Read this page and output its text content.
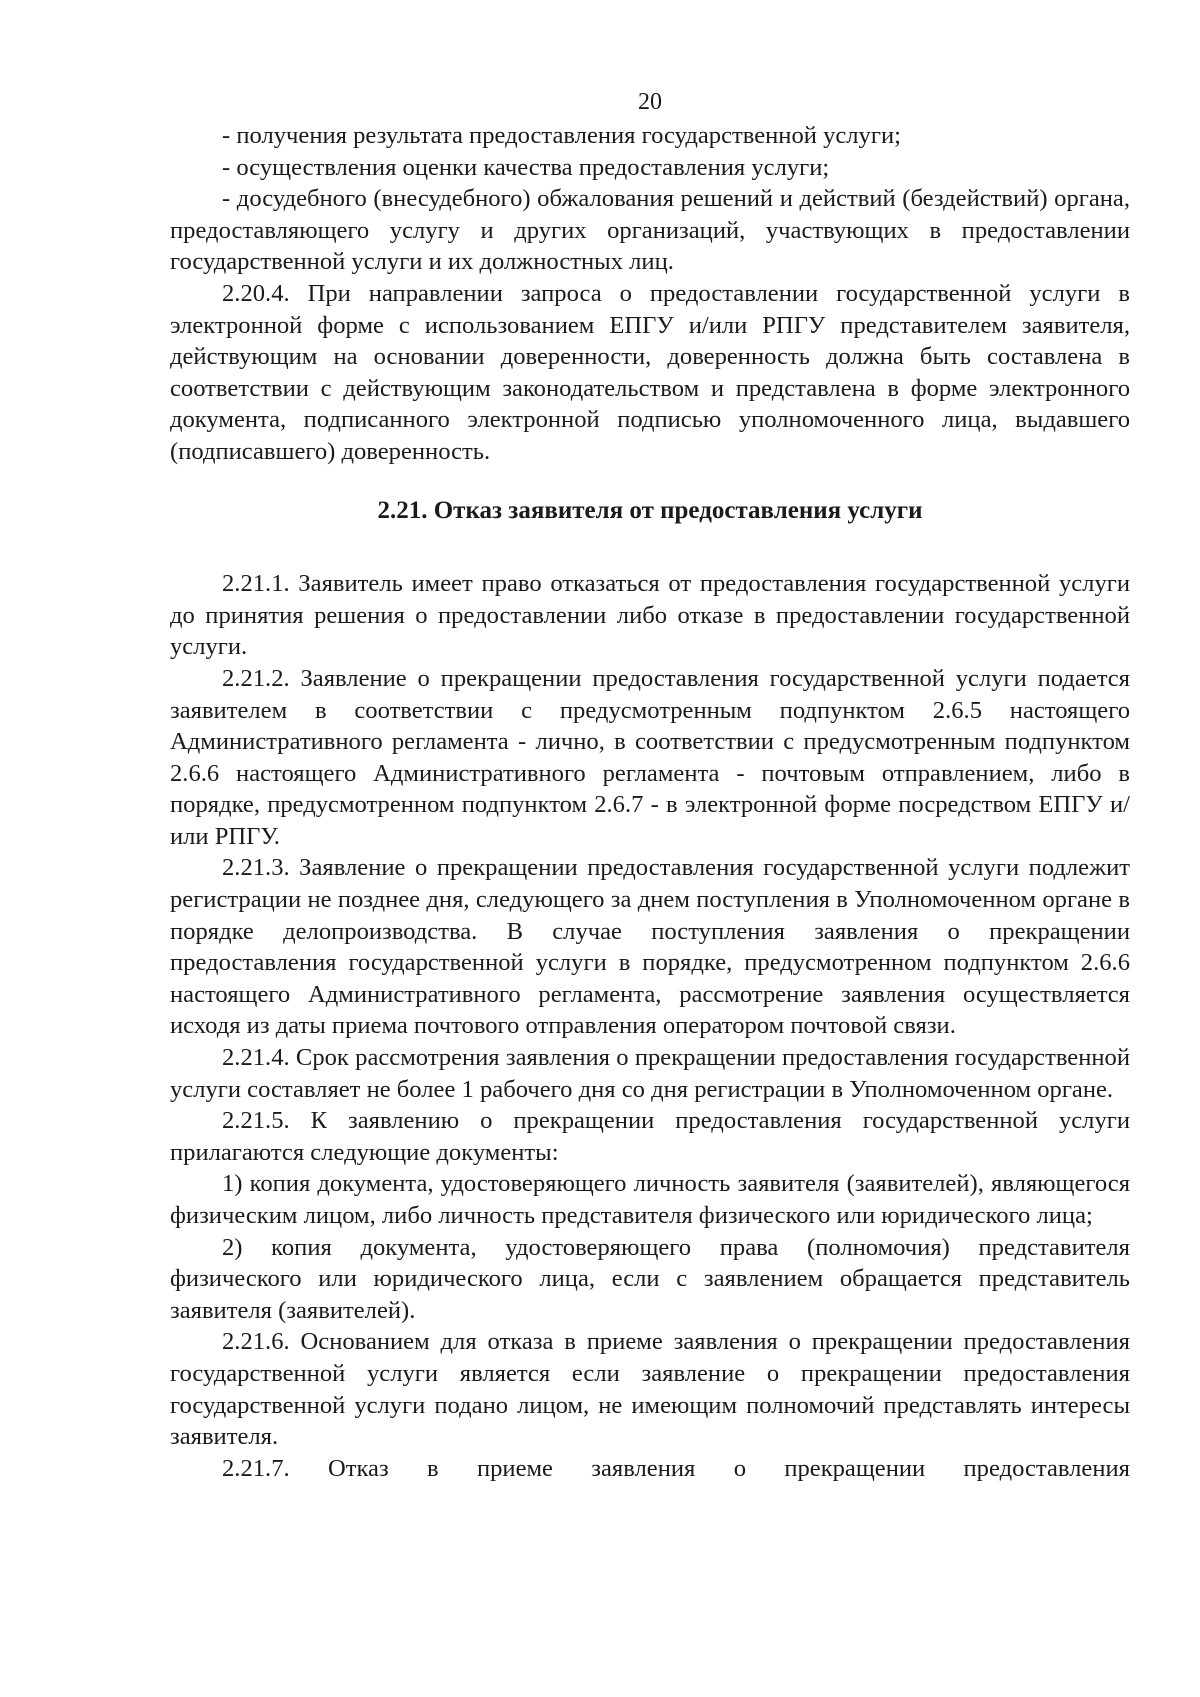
20

- получения результата предоставления государственной услуги;

- осуществления оценки качества предоставления услуги;

- досудебного (внесудебного) обжалования решений и действий (бездействий) органа, предоставляющего услугу и других организаций, участвующих в предоставлении государственной услуги и их должностных лиц.

2.20.4. При направлении запроса о предоставлении государственной услуги в электронной форме с использованием ЕПГУ и/или РПГУ представителем заявителя, действующим на основании доверенности, доверенность должна быть составлена в соответствии с действующим законодательством и представлена в форме электронного документа, подписанного электронной подписью уполномоченного лица, выдавшего (подписавшего) доверенность.

2.21. Отказ заявителя от предоставления услуги

2.21.1. Заявитель имеет право отказаться от предоставления государственной услуги до принятия решения о предоставлении либо отказе в предоставлении государственной услуги.

2.21.2. Заявление о прекращении предоставления государственной услуги подается заявителем в соответствии с предусмотренным подпунктом 2.6.5 настоящего Административного регламента - лично, в соответствии с предусмотренным подпунктом 2.6.6 настоящего Административного регламента - почтовым отправлением, либо в порядке, предусмотренном подпунктом 2.6.7 - в электронной форме посредством ЕПГУ и/или РПГУ.

2.21.3. Заявление о прекращении предоставления государственной услуги подлежит регистрации не позднее дня, следующего за днем поступления в Уполномоченном органе в порядке делопроизводства. В случае поступления заявления о прекращении предоставления государственной услуги в порядке, предусмотренном подпунктом 2.6.6 настоящего Административного регламента, рассмотрение заявления осуществляется исходя из даты приема почтового отправления оператором почтовой связи.

2.21.4. Срок рассмотрения заявления о прекращении предоставления государственной услуги составляет не более 1 рабочего дня со дня регистрации в Уполномоченном органе.

2.21.5. К заявлению о прекращении предоставления государственной услуги прилагаются следующие документы:

1) копия документа, удостоверяющего личность заявителя (заявителей), являющегося физическим лицом, либо личность представителя физического или юридического лица;

2) копия документа, удостоверяющего права (полномочия) представителя физического или юридического лица, если с заявлением обращается представитель заявителя (заявителей).

2.21.6. Основанием для отказа в приеме заявления о прекращении предоставления государственной услуги является если заявление о прекращении предоставления государственной услуги подано лицом, не имеющим полномочий представлять интересы заявителя.

2.21.7. Отказ в приеме заявления о прекращении предоставления
